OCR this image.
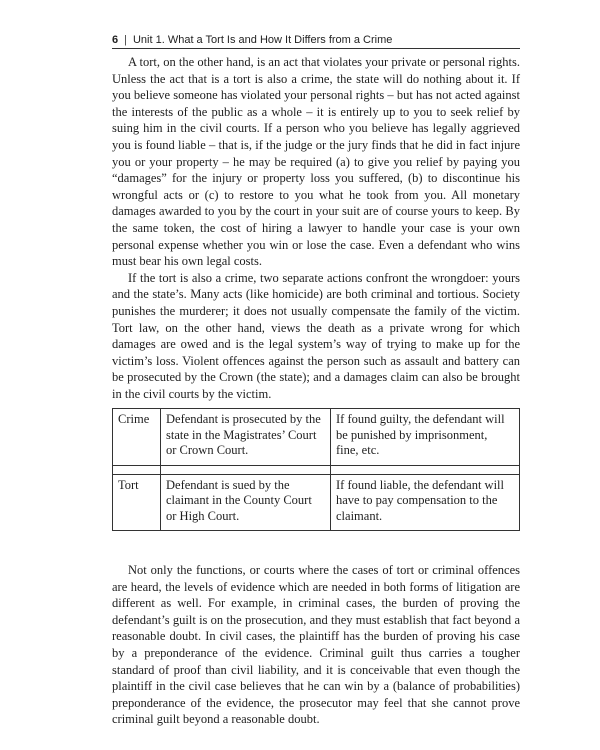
6 | Unit 1. What a Tort Is and How It Differs from a Crime

A tort, on the other hand, is an act that violates your private or personal rights. Unless the act that is a tort is also a crime, the state will do nothing about it. If you believe someone has violated your personal rights – but has not acted against the interests of the public as a whole – it is entirely up to you to seek relief by suing him in the civil courts. If a person who you believe has legally aggrieved you is found liable – that is, if the judge or the jury finds that he did in fact injure you or your property – he may be required (a) to give you relief by paying you “damages” for the injury or property loss you suffered, (b) to discontinue his wrongful acts or (c) to restore to you what he took from you. All monetary damages awarded to you by the court in your suit are of course yours to keep. By the same token, the cost of hiring a lawyer to handle your case is your own personal expense whether you win or lose the case. Even a defendant who wins must bear his own legal costs.

If the tort is also a crime, two separate actions confront the wrongdoer: yours and the state’s. Many acts (like homicide) are both criminal and tortious. Society punishes the murderer; it does not usually compensate the family of the victim. Tort law, on the other hand, views the death as a private wrong for which damages are owed and is the legal system’s way of trying to make up for the victim’s loss. Violent offences against the person such as assault and battery can be prosecuted by the Crown (the state); and a damages claim can also be brought in the civil courts by the victim.

Crime	Defendant is prosecuted by the state in the Magistrates’ Court or Crown Court.	If found guilty, the defendant will be punished by imprisonment, fine, etc.

Tort	Defendant is sued by the claimant in the County Court or High Court.	If found liable, the defendant will have to pay compensation to the claimant.

Not only the functions, or courts where the cases of tort or criminal offences are heard, the levels of evidence which are needed in both forms of litigation are different as well. For example, in criminal cases, the burden of proving the defendant’s guilt is on the prosecution, and they must establish that fact beyond a reasonable doubt. In civil cases, the plaintiff has the burden of proving his case by a preponderance of the evidence. Criminal guilt thus carries a tougher standard of proof than civil liability, and it is conceivable that even though the plaintiff in the civil case believes that he can win by a (balance of probabilities) preponderance of the evidence, the prosecutor may feel that she cannot prove criminal guilt beyond a reasonable doubt.
